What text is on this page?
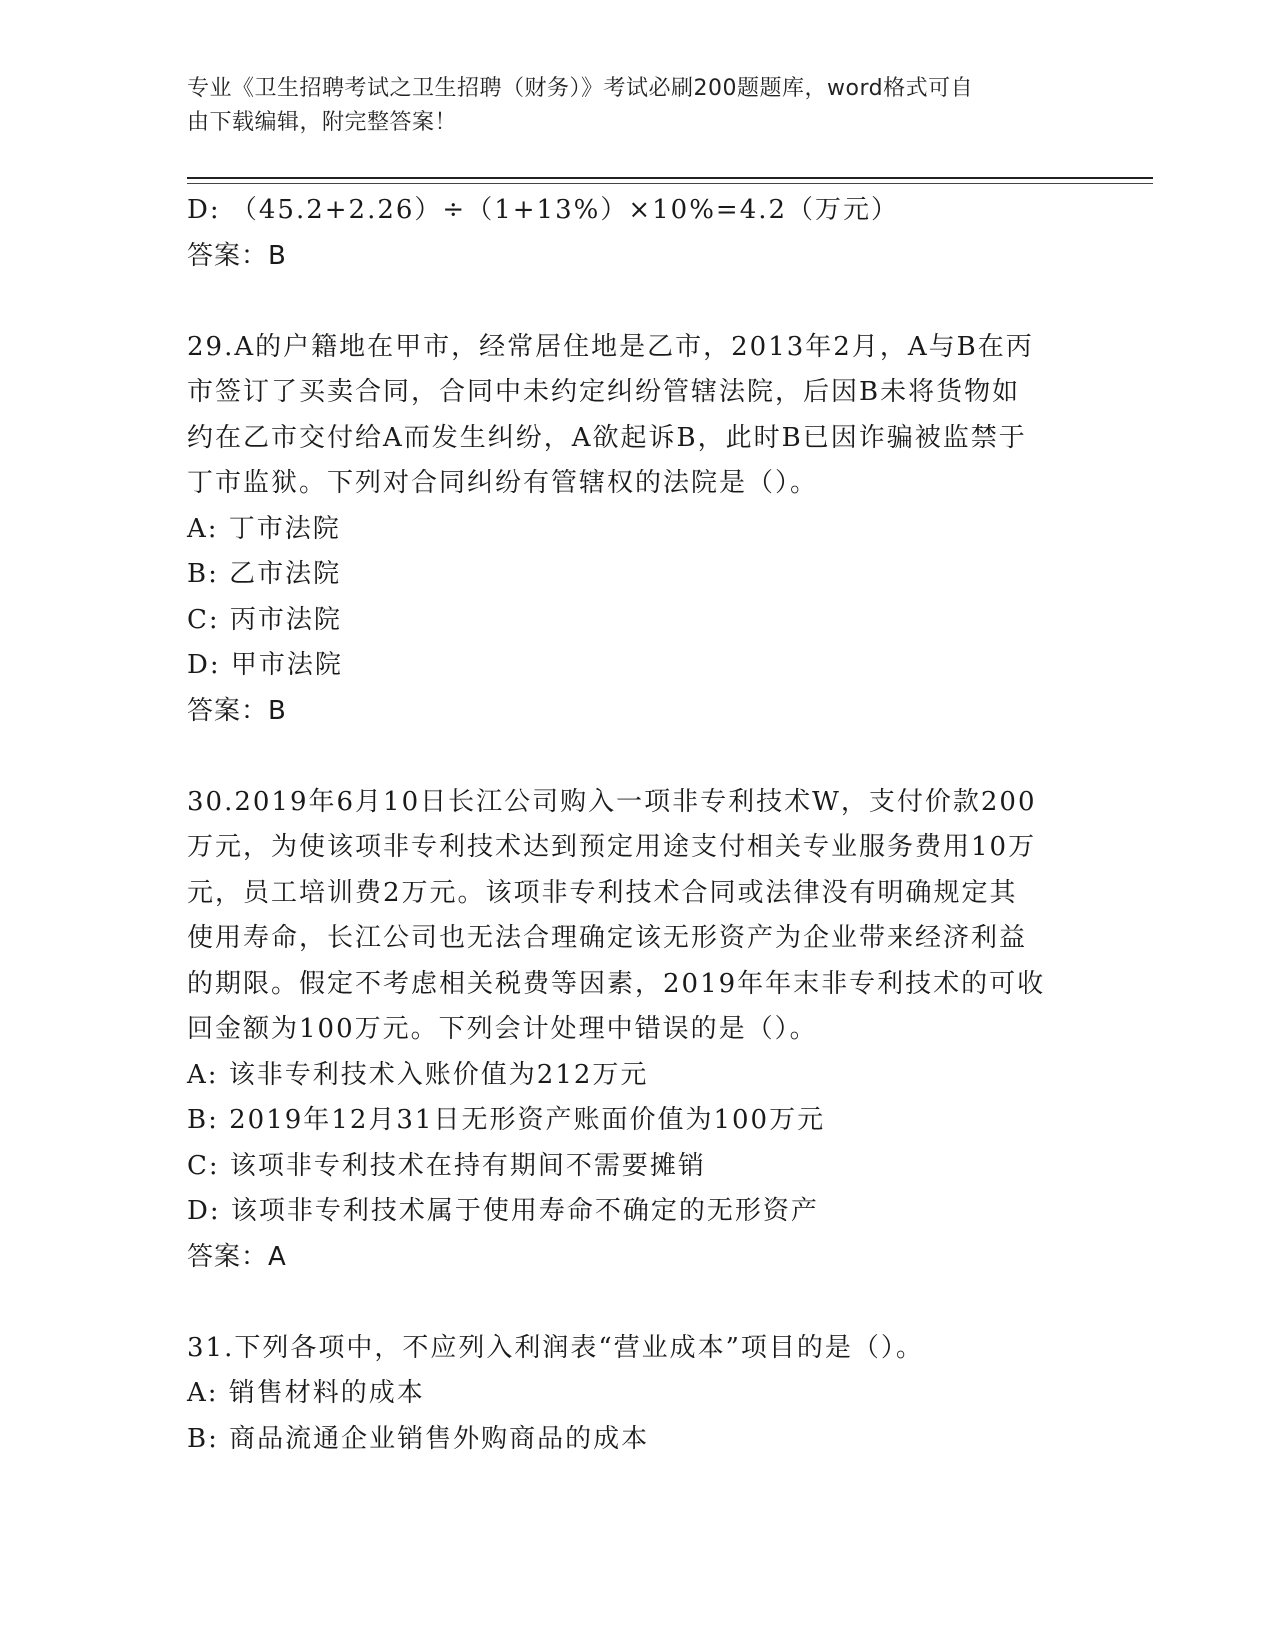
专业《卫生招聘考试之卫生招聘（财务）》考试必刷200题题库，word格式可自
由下载编辑，附完整答案！
D: （45.2+2.26）÷（1+13%）×10%=4.2（万元）
答案：B
29.A的户籍地在甲市，经常居住地是乙市，2013年2月，A与B在丙
市签订了买卖合同，合同中未约定纠纷管辖法院，后因B未将货物如
约在乙市交付给A而发生纠纷，A欲起诉B，此时B已因诈骗被监禁于
丁市监狱。下列对合同纠纷有管辖权的法院是（）。
A: 丁市法院
B: 乙市法院
C: 丙市法院
D: 甲市法院
答案：B
30.2019年6月10日长江公司购入一项非专利技术W，支付价款200
万元，为使该项非专利技术达到预定用途支付相关专业服务费用10万
元，员工培训费2万元。该项非专利技术合同或法律没有明确规定其
使用寿命，长江公司也无法合理确定该无形资产为企业带来经济利益
的期限。假定不考虑相关税费等因素，2019年年末非专利技术的可收
回金额为100万元。下列会计处理中错误的是（）。
A: 该非专利技术入账价值为212万元
B: 2019年12月31日无形资产账面价值为100万元
C: 该项非专利技术在持有期间不需要摊销
D: 该项非专利技术属于使用寿命不确定的无形资产
答案：A
31.下列各项中，不应列入利润表“营业成本”项目的是（）。
A: 销售材料的成本
B: 商品流通企业销售外购商品的成本
